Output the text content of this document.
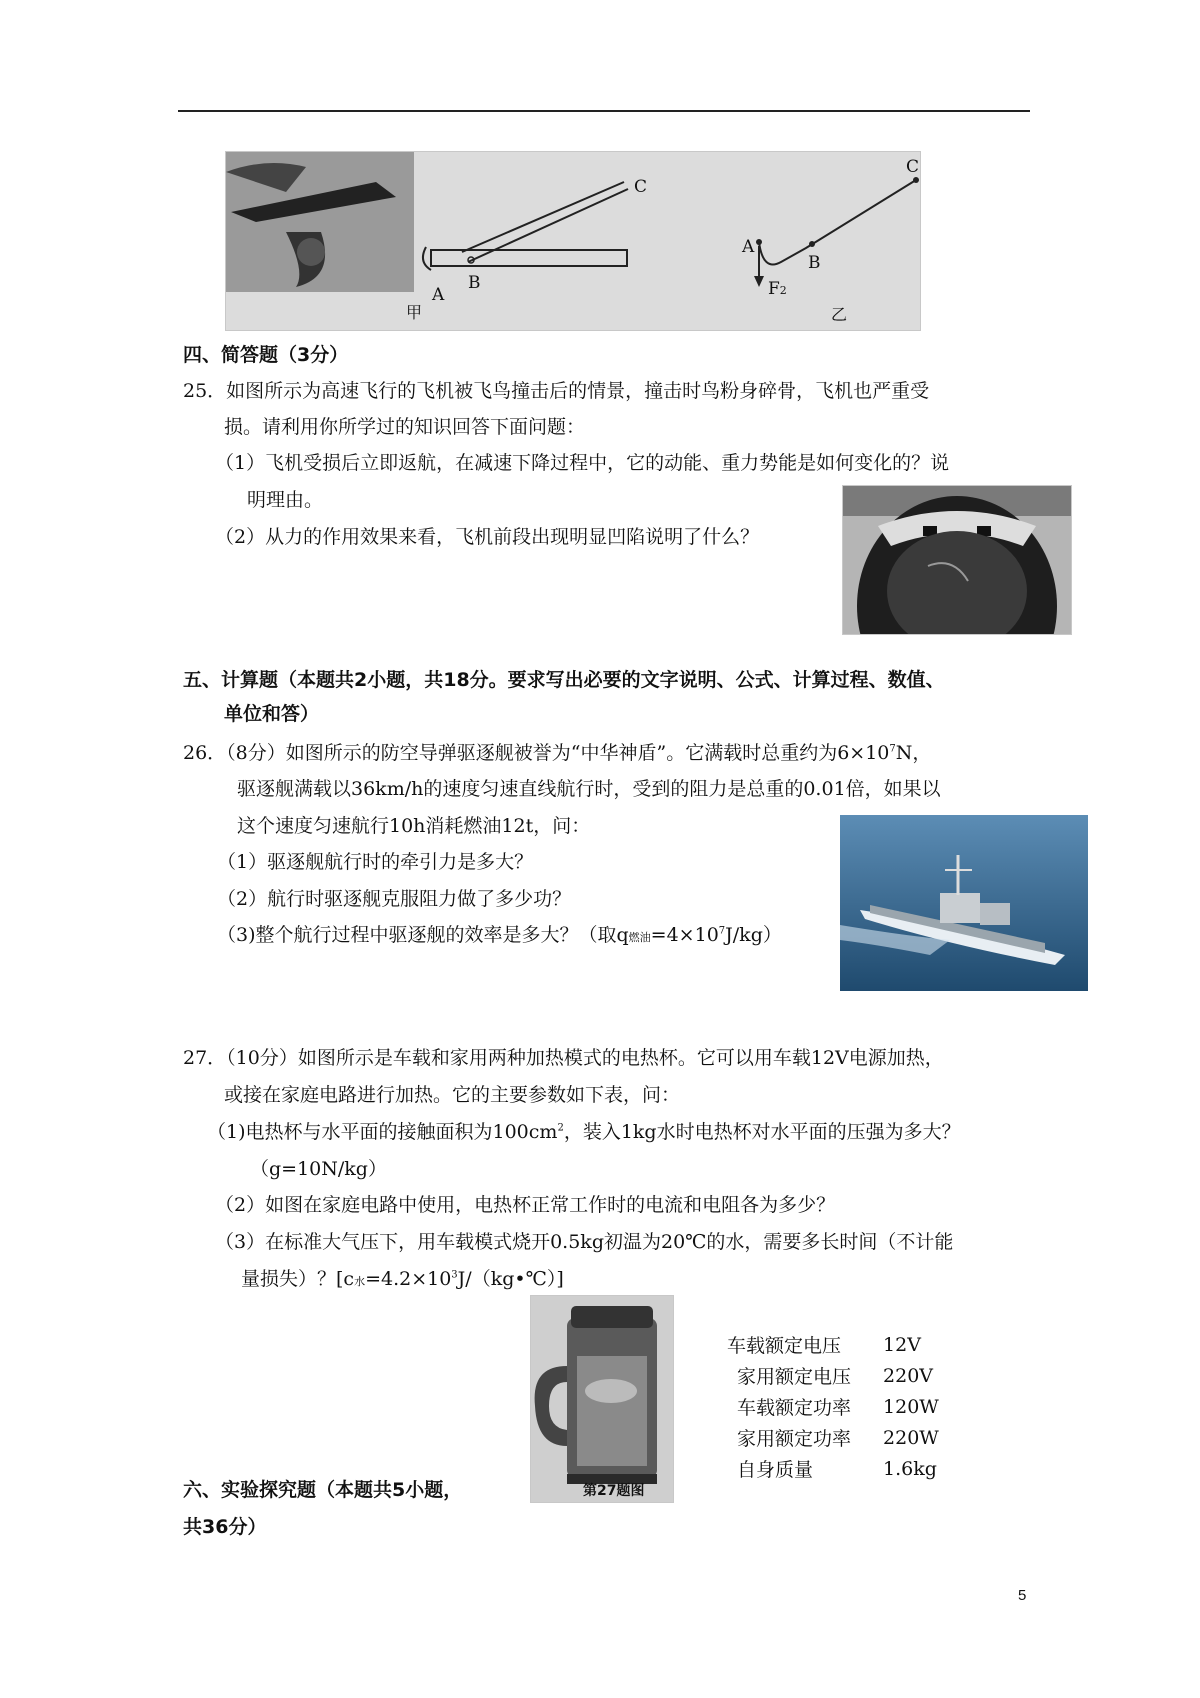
A
B
C
A
B
C
F2
甲	乙
四、简答题（3分）
25．如图所示为高速飞行的飞机被飞鸟撞击后的情景，撞击时鸟粉身碎骨，飞机也严重受
损。请利用你所学过的知识回答下面问题：
（1）飞机受损后立即返航，在减速下降过程中，它的动能、重力势能是如何变化的？说
明理由。
（2）从力的作用效果来看，飞机前段出现明显凹陷说明了什么？
五、计算题（本题共2小题，共18分。要求写出必要的文字说明、公式、计算过程、数值、
单位和答）
26．（8分）如图所示的防空导弹驱逐舰被誉为“中华神盾”。它满载时总重约为$6\times 10^7N$，
驱逐舰满载以36km/h的速度匀速直线航行时，受到的阻力是总重的0.01倍，如果以
这个速度匀速航行10h消耗燃油12t，问：
（1）驱逐舰航行时的牵引力是多大？
（2）航行时驱逐舰克服阻力做了多少功？
（3)整个航行过程中驱逐舰的效率是多大？（取q燃油$=4\times 10^7J/kg$）
27．（10分）如图所示是车载和家用两种加热模式的电热杯。它可以用车载12V电源加热，
或接在家庭电路进行加热。它的主要参数如下表，问：
（1)电热杯与水平面的接触面积为$100cm^2$，装入1kg水时电热杯对水平面的压强为多大？
（g=10N/kg）
（2）如图在家庭电路中使用，电热杯正常工作时的电流和电阻各为多少？
（3）在标准大气压下，用车载模式烧开0.5kg初温为20℃的水，需要多长时间（不计能
量损失）？[c水$=4.2\times 10^3J/(kg•℃)$]
第27题图
车载额定电压	12V
家用额定电压	220V
车载额定功率	120W
家用额定功率	220W
自身质量	1.6kg
六、实验探究题（本题共5小题，
共36分）
5
